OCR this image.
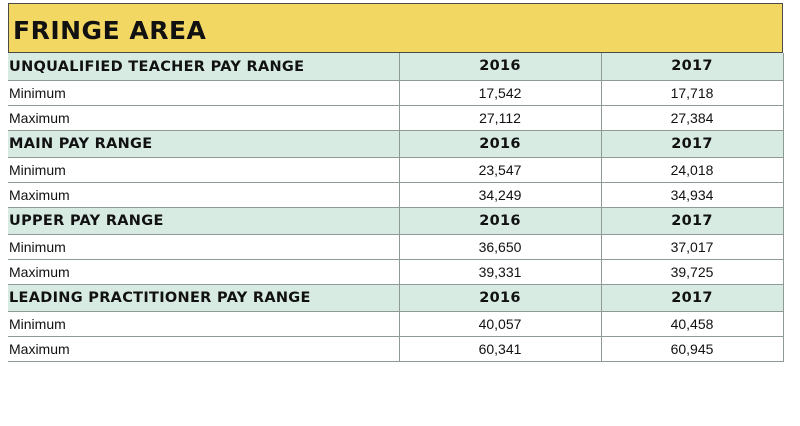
FRINGE AREA
UNQUALIFIED TEACHER PAY RANGE	2016	2017
Minimum	17,542	17,718
Maximum	27,112	27,384
MAIN PAY RANGE	2016	2017
Minimum	23,547	24,018
Maximum	34,249	34,934
UPPER PAY RANGE	2016	2017
Minimum	36,650	37,017
Maximum	39,331	39,725
LEADING PRACTITIONER PAY RANGE	2016	2017
Minimum	40,057	40,458
Maximum	60,341	60,945
